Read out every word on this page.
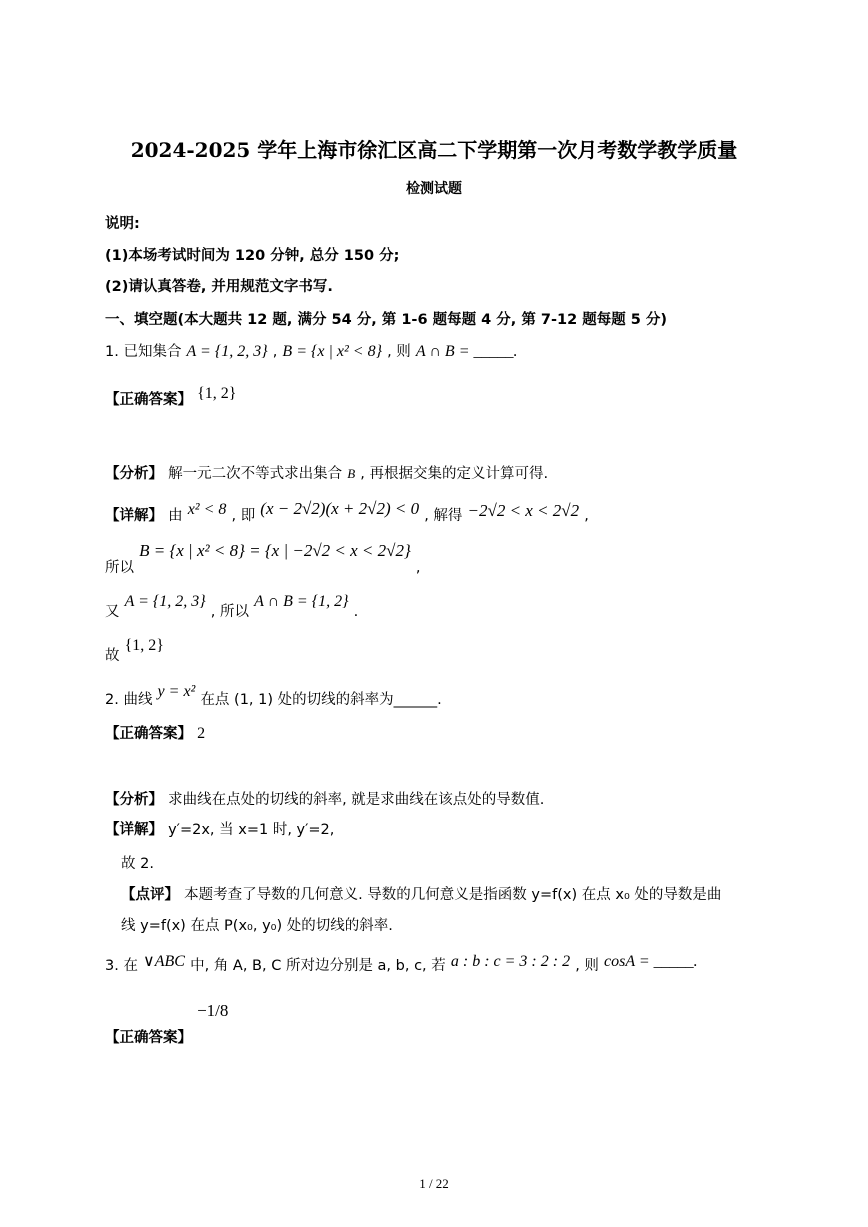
2024-2025 学年上海市徐汇区高二下学期第一次月考数学教学质量
检测试题
说明:
(1)本场考试时间为 120 分钟, 总分 150 分;
(2)请认真答卷, 并用规范文字书写.
一、填空题(本大题共 12 题, 满分 54 分, 第 1-6 题每题 4 分, 第 7-12 题每题 5 分)
1. 已知集合 A = {1, 2, 3} , B = {x | x² < 8} , 则 A ∩ B = _____.
【正确答案】 {1, 2}
【分析】 解一元二次不等式求出集合 B , 再根据交集的定义计算可得.
【详解】 由 x² < 8 , 即 (x − 2√2)(x + 2√2) < 0 , 解得 −2√2 < x < 2√2 ,
所以 B = {x | x² < 8} = {x | −2√2 < x < 2√2} ,
又 A = {1, 2, 3} , 所以 A ∩ B = {1, 2} .
故 {1, 2}
2. 曲线 y = x² 在点 (1, 1) 处的切线的斜率为______.
【正确答案】 2
【分析】 求曲线在点处的切线的斜率, 就是求曲线在该点处的导数值.
【详解】 y′=2x, 当 x=1 时, y′=2,
故 2.
【点评】 本题考查了导数的几何意义. 导数的几何意义是指函数 y=f(x) 在点 x₀ 处的导数是曲
线 y=f(x) 在点 P(x₀, y₀) 处的切线的斜率.
3. 在 ∨ABC 中, 角 A, B, C 所对边分别是 a, b, c, 若 a : b : c = 3 : 2 : 2 , 则 cosA = _____.
【正确答案】 −1/8
1 / 22
